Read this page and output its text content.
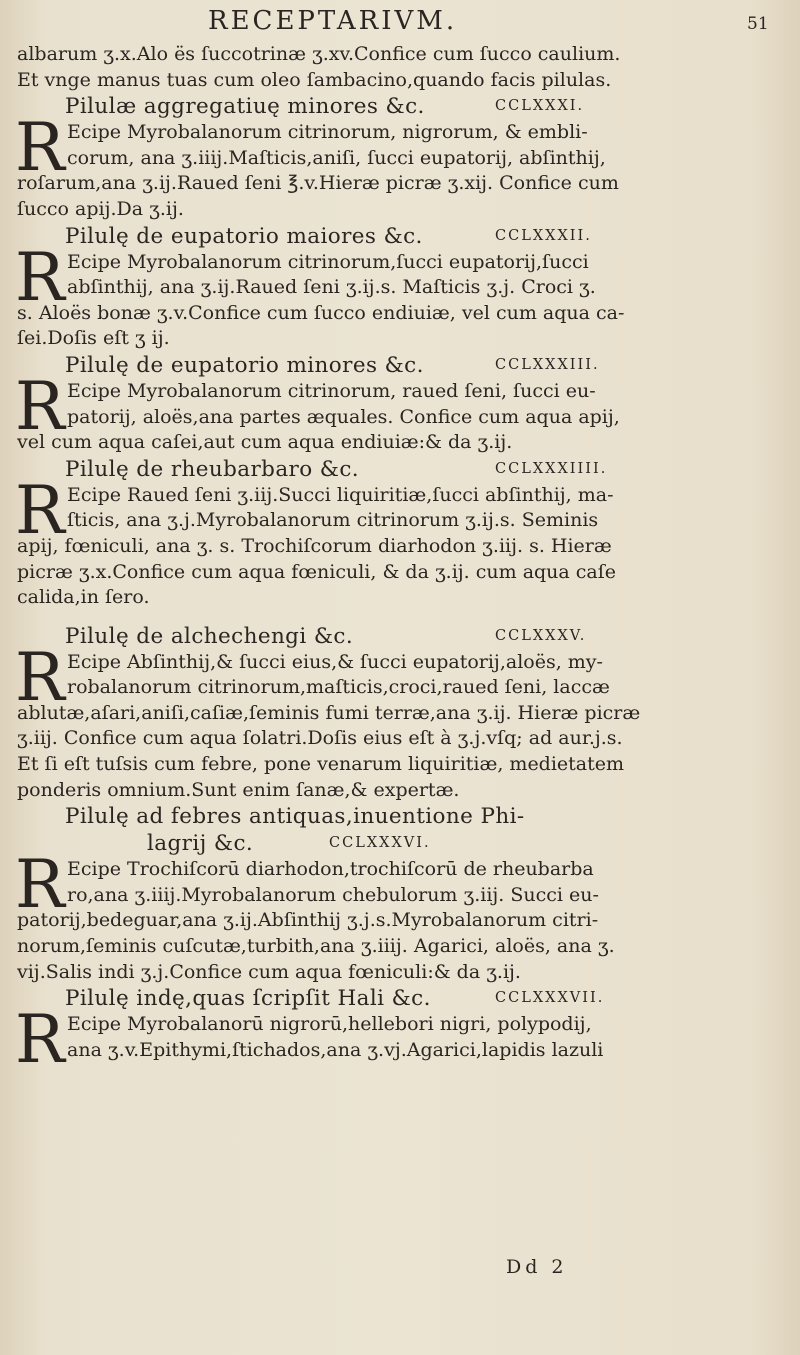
RECEPTARIVM.	51
albarum ʒ.x.Alo ës ſuccotrinæ ʒ.xv.Confice cum ſucco caulium.
Et vnge manus tuas cum oleo ſambacino,quando facis pilulas.
Pilulæ aggregatiuę minores &c.	CCLXXXI.
R Ecipe Myrobalanorum citrinorum, nigrorum, & embli-
corum, ana ʒ.iiij.Maſticis,aniſi, ſucci eupatorij, abſinthij,
roſarum,ana ʒ.ij.Raued ſeni ℥.v.Hieræ picræ ʒ.xij. Confice cum
ſucco apij.Da ʒ.ij.
Pilulę de eupatorio maiores &c.	CCLXXXII.
R Ecipe Myrobalanorum citrinorum,ſucci eupatorij,ſucci
abſinthij, ana ʒ.ij.Raued ſeni ʒ.ij.s. Maſticis ʒ.j. Croci ʒ.
s. Aloës bonæ ʒ.v.Confice cum ſucco endiuiæ, vel cum aqua ca-
ſei.Doſis eſt ʒ ij.
Pilulę de eupatorio minores &c.	CCLXXXIII.
R Ecipe Myrobalanorum citrinorum, raued ſeni, ſucci eu-
patorij, aloës,ana partes æquales. Confice cum aqua apij,
vel cum aqua caſei,aut cum aqua endiuiæ:& da ʒ.ij.
Pilulę de rheubarbaro &c.	CCLXXXIIII.
R Ecipe Raued ſeni ʒ.iij.Succi liquiritiæ,ſucci abſinthij, ma-
ſticis, ana ʒ.j.Myrobalanorum citrinorum ʒ.ij.s. Seminis
apij, fœniculi, ana ʒ. s. Trochiſcorum diarhodon ʒ.iij. s. Hieræ
picræ ʒ.x.Confice cum aqua fœniculi, & da ʒ.ij. cum aqua caſe
calida,in ſero.
Pilulę de alchechengi &c.	CCLXXXV.
R Ecipe Abſinthij,& ſucci eius,& ſucci eupatorij,aloës, my-
robalanorum citrinorum,maſticis,croci,raued ſeni, laccæ
ablutæ,aſari,aniſi,caſiæ,ſeminis fumi terræ,ana ʒ.ij. Hieræ picræ
ʒ.iij. Confice cum aqua ſolatri.Doſis eius eſt à ʒ.j.vſq; ad aur.j.s.
Et ſi eſt tuſsis cum febre, pone venarum liquiritiæ, medietatem
ponderis omnium.Sunt enim ſanæ,& expertæ.
Pilulę ad febres antiquas,inuentione Phi-
lagrij &c.	CCLXXXVI.
R Ecipe Trochiſcorū diarhodon,trochiſcorū de rheubarba
ro,ana ʒ.iiij.Myrobalanorum chebulorum ʒ.iij. Succi eu-
patorij,bedeguar,ana ʒ.ij.Abſinthij ʒ.j.s.Myrobalanorum citri-
norum,ſeminis cuſcutæ,turbith,ana ʒ.iiij. Agarici, aloës, ana ʒ.
vij.Salis indi ʒ.j.Confice cum aqua fœniculi:& da ʒ.ij.
Pilulę indę,quas ſcripſit Hali &c.	CCLXXXVII.
R Ecipe Myrobalanorū nigrorū,hellebori nigri, polypodij,
ana ʒ.v.Epithymi,ſtichados,ana ʒ.vj.Agarici,lapidis lazuli
Dd 2
